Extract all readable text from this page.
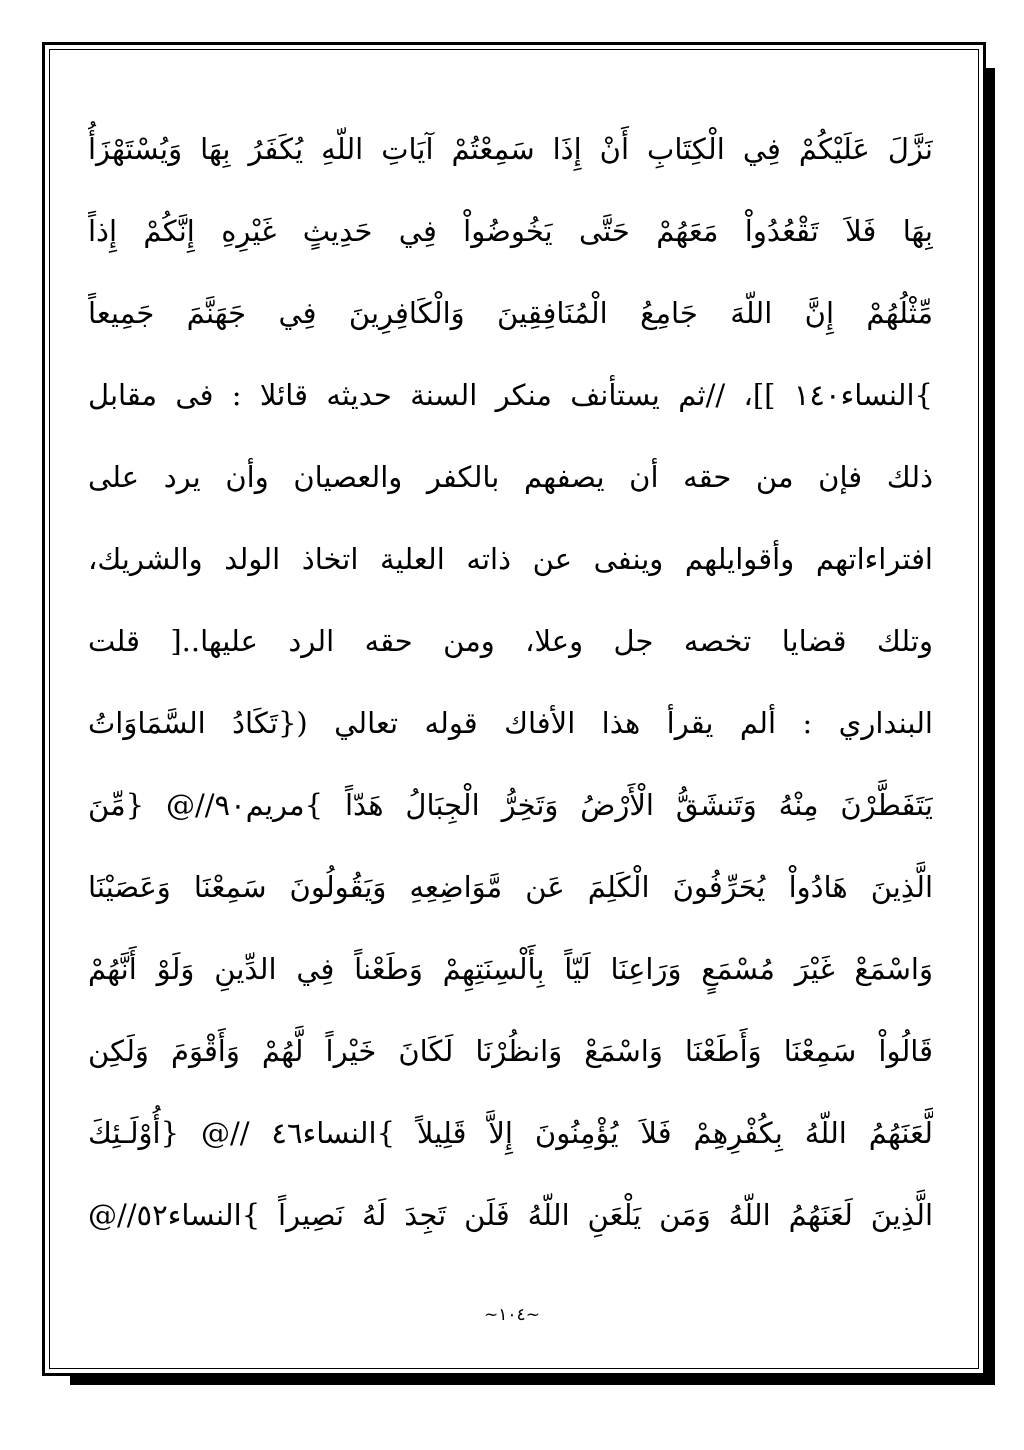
نَزَّلَ عَلَيْكُمْ فِي الْكِتَابِ أَنْ إِذَا سَمِعْتُمْ آيَاتِ اللّهِ يُكَفَرُ بِهَا وَيُسْتَهْزَأُ
بِهَا فَلاَ تَقْعُدُواْ مَعَهُمْ حَتَّى يَخُوضُواْ فِي حَدِيثٍ غَيْرِهِ إِنَّكُمْ إِذاً
مِّثْلُهُمْ إِنَّ اللّهَ جَامِعُ الْمُنَافِقِينَ وَالْكَافِرِينَ فِي جَهَنَّمَ جَمِيعاً
}النساء١٤٠ ]]، //ثم يستأنف منكر السنة حديثه قائلا : فى مقابل
ذلك فإن من حقه أن يصفهم بالكفر والعصيان وأن يرد على
افتراءاتهم وأقوايلهم وينفى عن ذاته العلية اتخاذ الولد والشريك،
وتلك قضايا تخصه جل وعلا، ومن حقه الرد عليها..[ قلت
البنداري : ألم يقرأ هذا الأفاك قوله تعالي ({تَكَادُ السَّمَاوَاتُ
يَتَفَطَّرْنَ مِنْهُ وَتَنشَقُّ الْأَرْضُ وَتَخِرُّ الْجِبَالُ هَدّاً }مريم٩٠//@ {مِّنَ
الَّذِينَ هَادُواْ يُحَرِّفُونَ الْكَلِمَ عَن مَّوَاضِعِهِ وَيَقُولُونَ سَمِعْنَا وَعَصَيْنَا
وَاسْمَعْ غَيْرَ مُسْمَعٍ وَرَاعِنَا لَيّاً بِأَلْسِنَتِهِمْ وَطَعْناً فِي الدِّينِ وَلَوْ أَنَّهُمْ
قَالُواْ سَمِعْنَا وَأَطَعْنَا وَاسْمَعْ وَانظُرْنَا لَكَانَ خَيْراً لَّهُمْ وَأَقْوَمَ وَلَكِن
لَّعَنَهُمُ اللّهُ بِكُفْرِهِمْ فَلاَ يُؤْمِنُونَ إِلاَّ قَلِيلاً }النساء٤٦ //@ {أُوْلَـئِكَ
الَّذِينَ لَعَنَهُمُ اللّهُ وَمَن يَلْعَنِ اللّهُ فَلَن تَجِدَ لَهُ نَصِيراً }النساء٥٢//@
~١٠٤~
